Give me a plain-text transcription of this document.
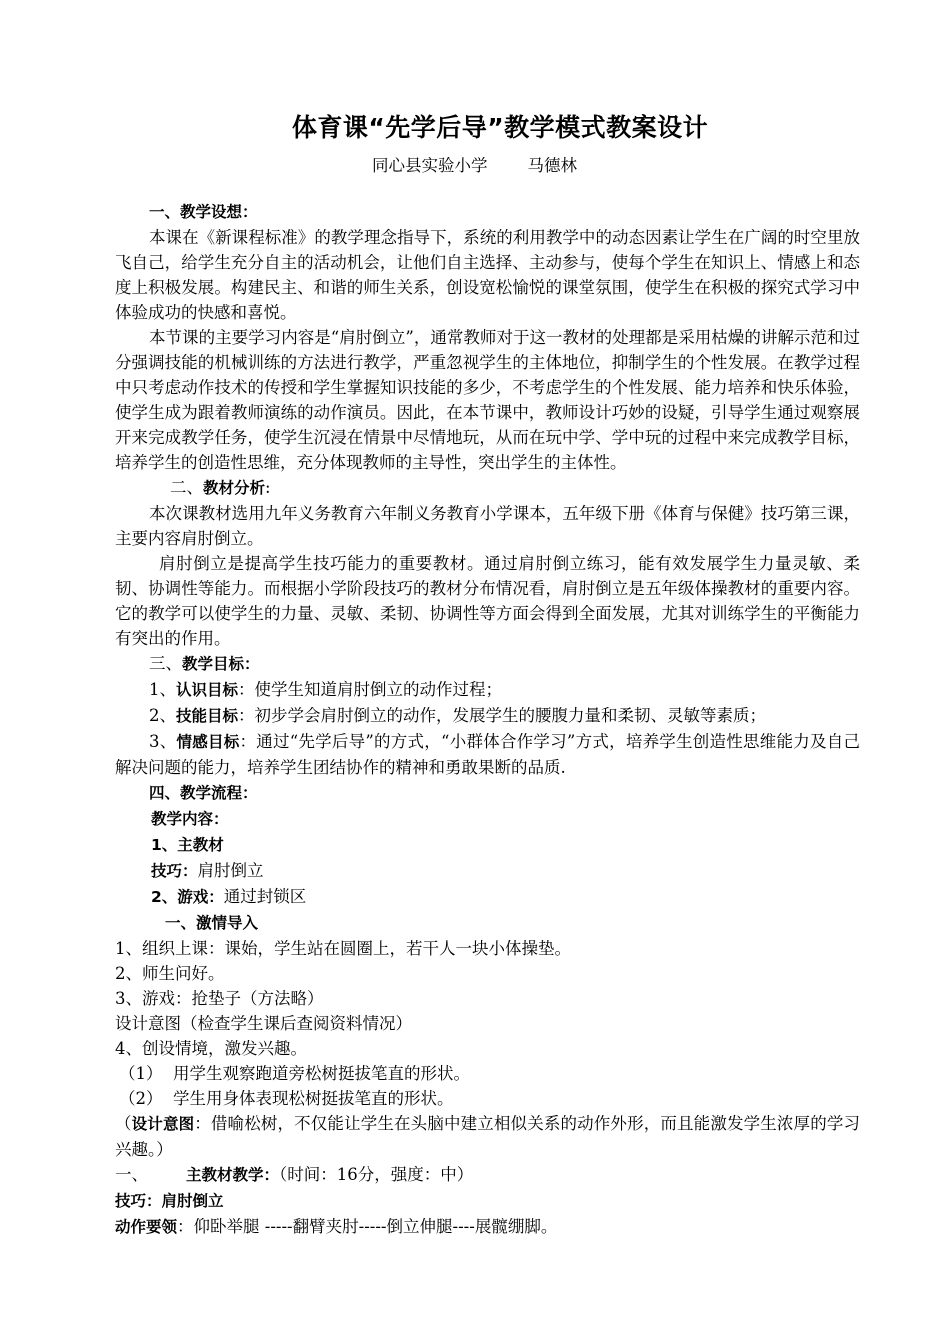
体育课“先学后导”教学模式教案设计
同心县实验小学 马德林

一、教学设想：

本课在《新课程标准》的教学理念指导下，系统的利用教学中的动态因素让学生在广阔的时空里放飞自己，给学生充分自主的活动机会，让他们自主选择、主动参与，使每个学生在知识上、情感上和态度上积极发展。构建民主、和谐的师生关系，创设宽松愉悦的课堂氛围，使学生在积极的探究式学习中体验成功的快感和喜悦。

本节课的主要学习内容是“肩肘倒立”，通常教师对于这一教材的处理都是采用枯燥的讲解示范和过分强调技能的机械训练的方法进行教学，严重忽视学生的主体地位，抑制学生的个性发展。在教学过程中只考虑动作技术的传授和学生掌握知识技能的多少，不考虑学生的个性发展、能力培养和快乐体验，使学生成为跟着教师演练的动作演员。因此，在本节课中，教师设计巧妙的设疑，引导学生通过观察展开来完成教学任务，使学生沉浸在情景中尽情地玩，从而在玩中学、学中玩的过程中来完成教学目标，培养学生的创造性思维，充分体现教师的主导性，突出学生的主体性。

二、教材分析:

本次课教材选用九年义务教育六年制义务教育小学课本，五年级下册《体育与保健》技巧第三课，主要内容肩肘倒立。

肩肘倒立是提高学生技巧能力的重要教材。通过肩肘倒立练习，能有效发展学生力量灵敏、柔韧、协调性等能力。而根据小学阶段技巧的教材分布情况看，肩肘倒立是五年级体操教材的重要内容。它的教学可以使学生的力量、灵敏、柔韧、协调性等方面会得到全面发展，尤其对训练学生的平衡能力有突出的作用。

三、教学目标：

1、认识目标：使学生知道肩肘倒立的动作过程；

2、技能目标：初步学会肩肘倒立的动作，发展学生的腰腹力量和柔韧、灵敏等素质；

3、情感目标：通过“先学后导”的方式，“小群体合作学习”方式，培养学生创造性思维能力及自己解决问题的能力，培养学生团结协作的精神和勇敢果断的品质.

四、教学流程：

教学内容：

1、主教材

技巧：肩肘倒立

2、游戏：通过封锁区

一、激情导入

1、组织上课：课始，学生站在圆圈上，若干人一块小体操垫。

2、师生问好。

3、游戏：抢垫子（方法略）

设计意图（检查学生课后查阅资料情况）

4、创设情境，激发兴趣。

（1）  用学生观察跑道旁松树挺拔笔直的形状。

（2）  学生用身体表现松树挺拔笔直的形状。

（设计意图：借喻松树，不仅能让学生在头脑中建立相似关系的动作外形，而且能激发学生浓厚的学习兴趣。）

一、 主教材教学：（时间：16分，强度：中）

技巧：肩肘倒立

动作要领：仰卧举腿 -----翻臂夹肘-----倒立伸腿----展髋绷脚。
